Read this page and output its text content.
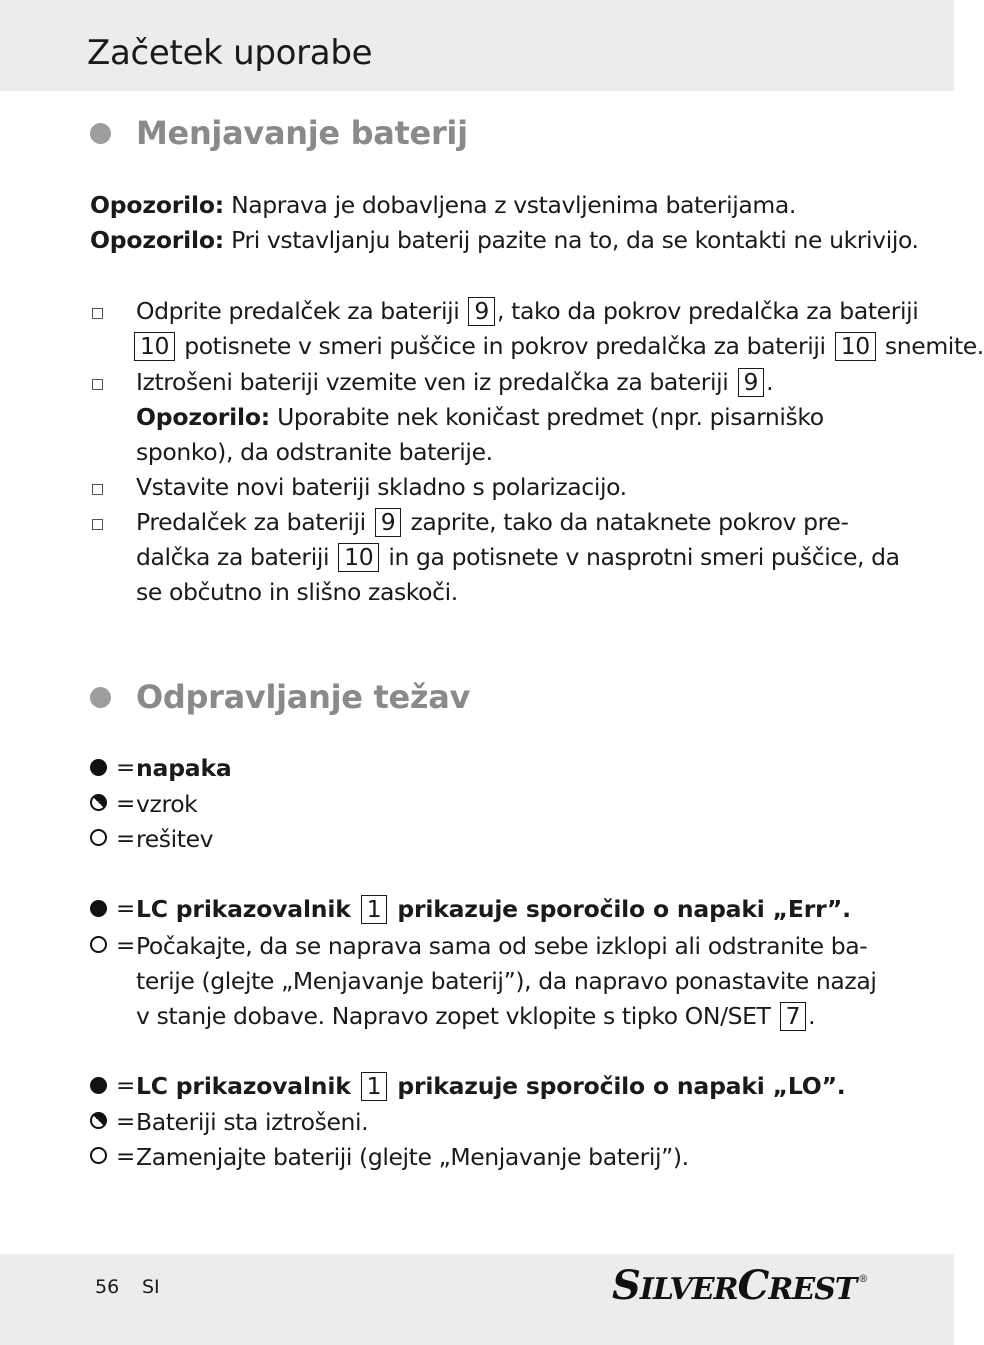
Začetek uporabe
Menjavanje baterij
Opozorilo: Naprava je dobavljena z vstavljenima baterijama.
Opozorilo: Pri vstavljanju baterij pazite na to, da se kontakti ne ukrivijo.
Odprite predalček za bateriji 9 , tako da pokrov predalčka za bateriji
10 potisnete v smeri puščice in pokrov predalčka za bateriji 10 snemite.
Iztrošeni bateriji vzemite ven iz predalčka za bateriji 9 .
Opozorilo: Uporabite nek koničast predmet (npr. pisarniško
sponko), da odstranite baterije.
Vstavite novi bateriji skladno s polarizacijo.
Predalček za bateriji 9 zaprite, tako da nataknete pokrov pre-
dalčka za bateriji 10 in ga potisnete v nasprotni smeri puščice, da
se občutno in slišno zaskoči.
Odpravljanje težav
= napaka
= vzrok
= rešitev
= LC prikazovalnik 1 prikazuje sporočilo o napaki „Err”.
= Počakajte, da se naprava sama od sebe izklopi ali odstranite ba-
terije (glejte „Menjavanje baterij”), da napravo ponastavite nazaj
v stanje dobave. Napravo zopet vklopite s tipko ON/SET 7 .
= LC prikazovalnik 1 prikazuje sporočilo o napaki „LO”.
= Bateriji sta iztrošeni.
= Zamenjajte bateriji (glejte „Menjavanje baterij”).
56 SI	S ILVER C REST ®
